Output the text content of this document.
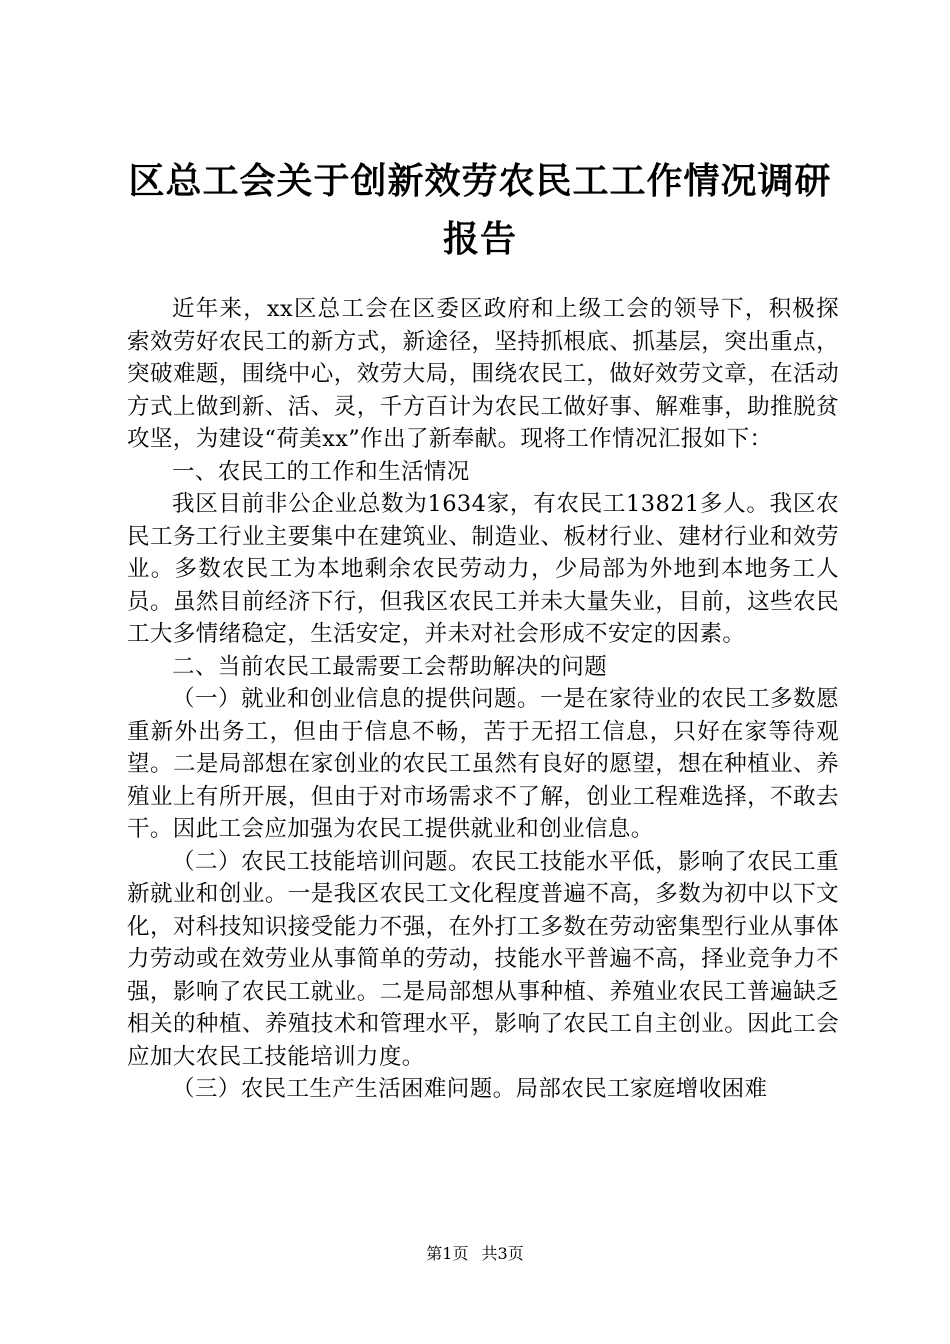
区总工会关于创新效劳农民工工作情况调研报告

近年来，xx区总工会在区委区政府和上级工会的领导下，积极探索效劳好农民工的新方式，新途径，坚持抓根底、抓基层，突出重点，突破难题，围绕中心，效劳大局，围绕农民工，做好效劳文章，在活动方式上做到新、活、灵，千方百计为农民工做好事、解难事，助推脱贫攻坚，为建设“荷美xx”作出了新奉献。现将工作情况汇报如下：

一、农民工的工作和生活情况

我区目前非公企业总数为1634家，有农民工13821多人。我区农民工务工行业主要集中在建筑业、制造业、板材行业、建材行业和效劳业。多数农民工为本地剩余农民劳动力，少局部为外地到本地务工人员。虽然目前经济下行，但我区农民工并未大量失业，目前，这些农民工大多情绪稳定，生活安定，并未对社会形成不安定的因素。

二、当前农民工最需要工会帮助解决的问题

（一）就业和创业信息的提供问题。一是在家待业的农民工多数愿重新外出务工，但由于信息不畅，苦于无招工信息，只好在家等待观望。二是局部想在家创业的农民工虽然有良好的愿望，想在种植业、养殖业上有所开展，但由于对市场需求不了解，创业工程难选择，不敢去干。因此工会应加强为农民工提供就业和创业信息。

（二）农民工技能培训问题。农民工技能水平低，影响了农民工重新就业和创业。一是我区农民工文化程度普遍不高，多数为初中以下文化，对科技知识接受能力不强，在外打工多数在劳动密集型行业从事体力劳动或在效劳业从事简单的劳动，技能水平普遍不高，择业竞争力不强，影响了农民工就业。二是局部想从事种植、养殖业农民工普遍缺乏相关的种植、养殖技术和管理水平，影响了农民工自主创业。因此工会应加大农民工技能培训力度。

（三）农民工生产生活困难问题。局部农民工家庭增收困难

第1页 共3页
